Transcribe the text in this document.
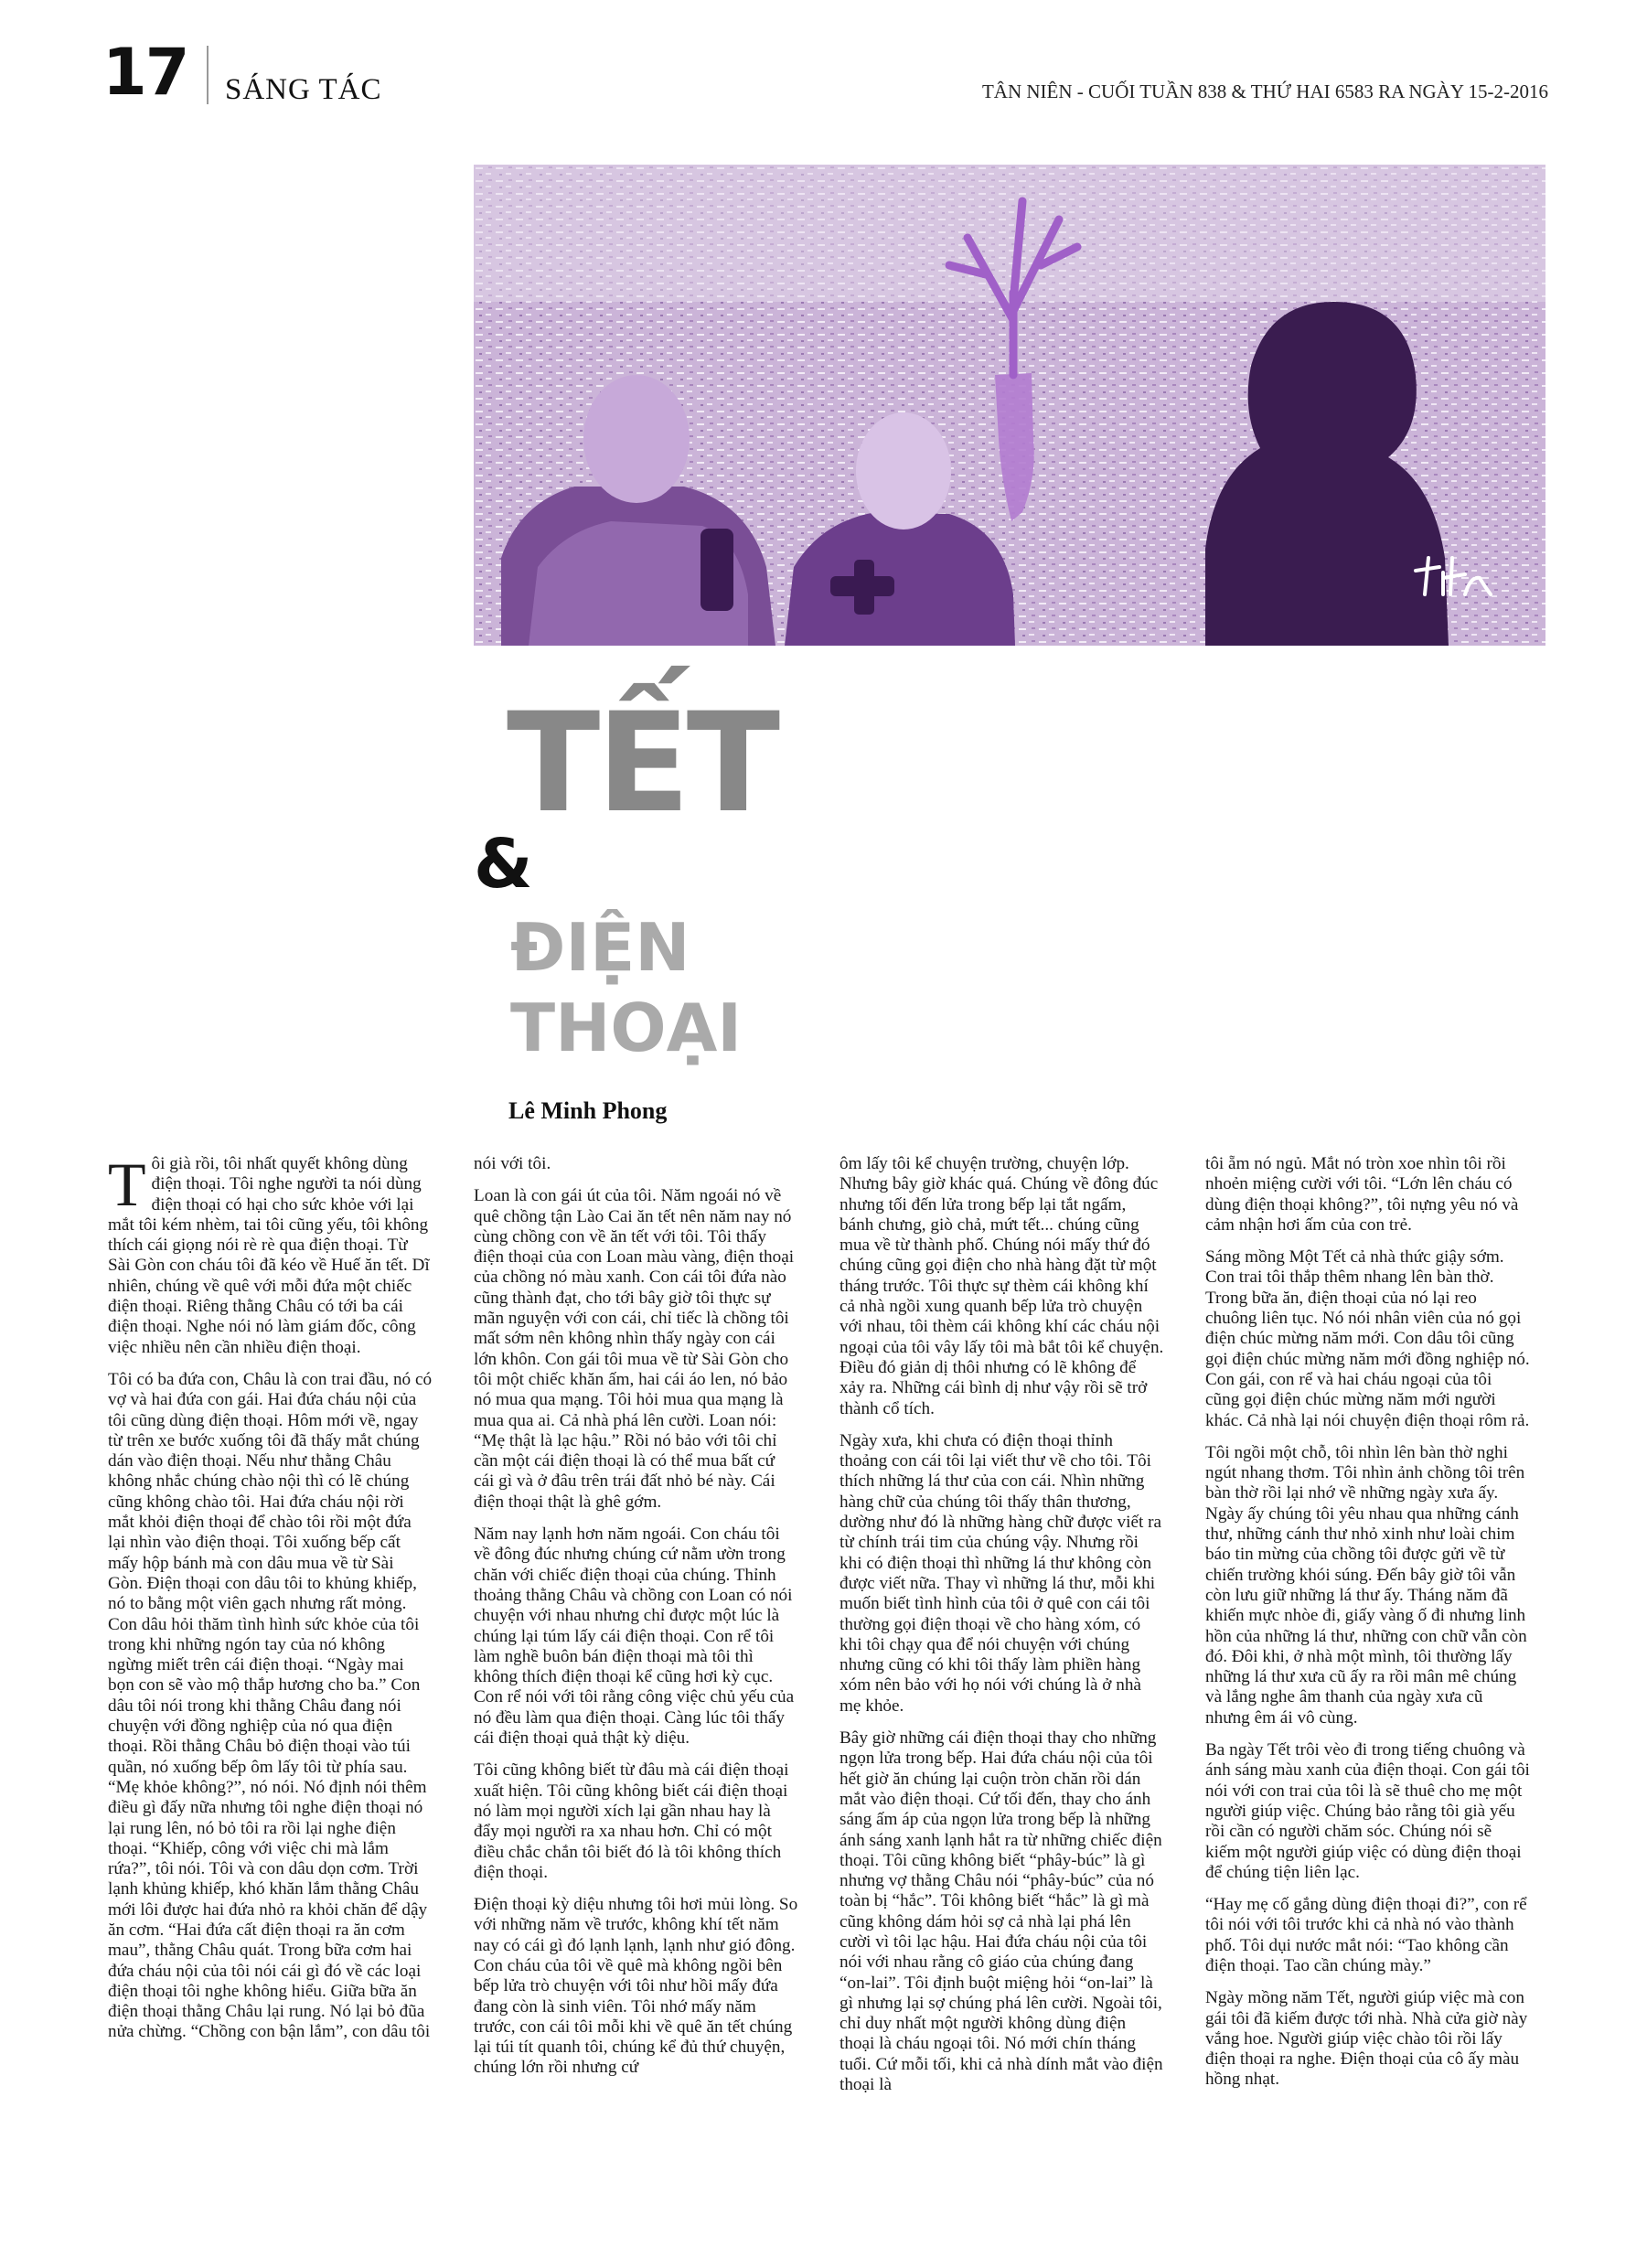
17 SÁNG TÁC	TÂN NIÊN - CUỐI TUẦN 838 & THỨ HAI 6583 RA NGÀY 15-2-2016
TẾT
&
ĐIỆN
THOẠI
Lê Minh Phong

Tôi già rồi, tôi nhất quyết không dùng điện thoại. Tôi nghe người ta nói dùng điện thoại có hại cho sức khỏe với lại mắt tôi kém nhèm, tai tôi cũng yếu, tôi không thích cái giọng nói rè rè qua điện thoại. Từ Sài Gòn con cháu tôi đã kéo về Huế ăn tết. Dĩ nhiên, chúng về quê với mỗi đứa một chiếc điện thoại. Riêng thằng Châu có tới ba cái điện thoại. Nghe nói nó làm giám đốc, công việc nhiều nên cần nhiều điện thoại.

Tôi có ba đứa con, Châu là con trai đầu, nó có vợ và hai đứa con gái. Hai đứa cháu nội của tôi cũng dùng điện thoại. Hôm mới về, ngay từ trên xe bước xuống tôi đã thấy mắt chúng dán vào điện thoại. Nếu như thằng Châu không nhắc chúng chào nội thì có lẽ chúng cũng không chào tôi. Hai đứa cháu nội rời mắt khỏi điện thoại để chào tôi rồi một đứa lại nhìn vào điện thoại. Tôi xuống bếp cất mấy hộp bánh mà con dâu mua về từ Sài Gòn. Điện thoại con dâu tôi to khủng khiếp, nó to bằng một viên gạch nhưng rất mỏng. Con dâu hỏi thăm tình hình sức khỏe của tôi trong khi những ngón tay của nó không ngừng miết trên cái điện thoại. “Ngày mai bọn con sẽ vào mộ thắp hương cho ba.” Con dâu tôi nói trong khi thằng Châu đang nói chuyện với đồng nghiệp của nó qua điện thoại. Rồi thằng Châu bỏ điện thoại vào túi quần, nó xuống bếp ôm lấy tôi từ phía sau. “Mẹ khỏe không?”, nó nói. Nó định nói thêm điều gì đấy nữa nhưng tôi nghe điện thoại nó lại rung lên, nó bỏ tôi ra rồi lại nghe điện thoại. “Khiếp, công với việc chi mà lắm rứa?”, tôi nói. Tôi và con dâu dọn cơm. Trời lạnh khủng khiếp, khó khăn lắm thằng Châu mới lôi được hai đứa nhỏ ra khỏi chăn để dậy ăn cơm. “Hai đứa cất điện thoại ra ăn cơm mau”, thằng Châu quát. Trong bữa cơm hai đứa cháu nội của tôi nói cái gì đó về các loại điện thoại tôi nghe không hiểu. Giữa bữa ăn điện thoại thằng Châu lại rung. Nó lại bỏ đũa nửa chừng. “Chồng con bận lắm”, con dâu tôi

nói với tôi.

Loan là con gái út của tôi. Năm ngoái nó về quê chồng tận Lào Cai ăn tết nên năm nay nó cùng chồng con về ăn tết với tôi. Tôi thấy điện thoại của con Loan màu vàng, điện thoại của chồng nó màu xanh. Con cái tôi đứa nào cũng thành đạt, cho tới bây giờ tôi thực sự mãn nguyện với con cái, chỉ tiếc là chồng tôi mất sớm nên không nhìn thấy ngày con cái lớn khôn. Con gái tôi mua về từ Sài Gòn cho tôi một chiếc khăn ấm, hai cái áo len, nó bảo nó mua qua mạng. Tôi hỏi mua qua mạng là mua qua ai. Cả nhà phá lên cười. Loan nói: “Mẹ thật là lạc hậu.” Rồi nó bảo với tôi chỉ cần một cái điện thoại là có thể mua bất cứ cái gì và ở đâu trên trái đất nhỏ bé này. Cái điện thoại thật là ghê gớm.

Năm nay lạnh hơn năm ngoái. Con cháu tôi về đông đúc nhưng chúng cứ nằm ườn trong chăn với chiếc điện thoại của chúng. Thỉnh thoảng thằng Châu và chồng con Loan có nói chuyện với nhau nhưng chỉ được một lúc là chúng lại túm lấy cái điện thoại. Con rể tôi làm nghề buôn bán điện thoại mà tôi thì không thích điện thoại kể cũng hơi kỳ cục. Con rể nói với tôi rằng công việc chủ yếu của nó đều làm qua điện thoại. Càng lúc tôi thấy cái điện thoại quả thật kỳ diệu.

Tôi cũng không biết từ đâu mà cái điện thoại xuất hiện. Tôi cũng không biết cái điện thoại nó làm mọi người xích lại gần nhau hay là đẩy mọi người ra xa nhau hơn. Chỉ có một điều chắc chắn tôi biết đó là tôi không thích điện thoại.

Điện thoại kỳ diệu nhưng tôi hơi mủi lòng. So với những năm về trước, không khí tết năm nay có cái gì đó lạnh lạnh, lạnh như gió đông. Con cháu của tôi về quê mà không ngồi bên bếp lửa trò chuyện với tôi như hồi mấy đứa đang còn là sinh viên. Tôi nhớ mấy năm trước, con cái tôi mỗi khi về quê ăn tết chúng lại túi tít quanh tôi, chúng kể đủ thứ chuyện, chúng lớn rồi nhưng cứ

ôm lấy tôi kể chuyện trường, chuyện lớp. Nhưng bây giờ khác quá. Chúng về đông đúc nhưng tối đến lửa trong bếp lại tắt ngấm, bánh chưng, giò chả, mứt tết... chúng cũng mua về từ thành phố. Chúng nói mấy thứ đó chúng cũng gọi điện cho nhà hàng đặt từ một tháng trước. Tôi thực sự thèm cái không khí cả nhà ngồi xung quanh bếp lửa trò chuyện với nhau, tôi thèm cái không khí các cháu nội ngoại của tôi vây lấy tôi mà bắt tôi kể chuyện. Điều đó giản dị thôi nhưng có lẽ không để xảy ra. Những cái bình dị như vậy rồi sẽ trở thành cổ tích.

Ngày xưa, khi chưa có điện thoại thỉnh thoảng con cái tôi lại viết thư về cho tôi. Tôi thích những lá thư của con cái. Nhìn những hàng chữ của chúng tôi thấy thân thương, dường như đó là những hàng chữ được viết ra từ chính trái tim của chúng vậy. Nhưng rồi khi có điện thoại thì những lá thư không còn được viết nữa. Thay vì những lá thư, mỗi khi muốn biết tình hình của tôi ở quê con cái tôi thường gọi điện thoại về cho hàng xóm, có khi tôi chạy qua để nói chuyện với chúng nhưng cũng có khi tôi thấy làm phiền hàng xóm nên bảo với họ nói với chúng là ở nhà mẹ khỏe.

Bây giờ những cái điện thoại thay cho những ngọn lửa trong bếp. Hai đứa cháu nội của tôi hết giờ ăn chúng lại cuộn tròn chăn rồi dán mắt vào điện thoại. Cứ tối đến, thay cho ánh sáng ấm áp của ngọn lửa trong bếp là những ánh sáng xanh lạnh hắt ra từ những chiếc điện thoại. Tôi cũng không biết “phây-búc” là gì nhưng vợ thằng Châu nói “phây-búc” của nó toàn bị “hắc”. Tôi không biết “hắc” là gì mà cũng không dám hỏi sợ cả nhà lại phá lên cười vì tôi lạc hậu. Hai đứa cháu nội của tôi nói với nhau rằng cô giáo của chúng đang “on-lai”. Tôi định buột miệng hỏi “on-lai” là gì nhưng lại sợ chúng phá lên cười. Ngoài tôi, chỉ duy nhất một người không dùng điện thoại là cháu ngoại tôi. Nó mới chín tháng tuổi. Cứ mỗi tối, khi cả nhà dính mắt vào điện thoại là

tôi ẵm nó ngủ. Mắt nó tròn xoe nhìn tôi rồi nhoẻn miệng cười với tôi. “Lớn lên cháu có dùng điện thoại không?”, tôi nựng yêu nó và cảm nhận hơi ấm của con trẻ.

Sáng mồng Một Tết cả nhà thức giậy sớm. Con trai tôi thắp thêm nhang lên bàn thờ. Trong bữa ăn, điện thoại của nó lại reo chuông liên tục. Nó nói nhân viên của nó gọi điện chúc mừng năm mới. Con dâu tôi cũng gọi điện chúc mừng năm mới đồng nghiệp nó. Con gái, con rể và hai cháu ngoại của tôi cũng gọi điện chúc mừng năm mới người khác. Cả nhà lại nói chuyện điện thoại rôm rả.

Tôi ngồi một chỗ, tôi nhìn lên bàn thờ nghi ngút nhang thơm. Tôi nhìn ảnh chồng tôi trên bàn thờ rồi lại nhớ về những ngày xưa ấy. Ngày ấy chúng tôi yêu nhau qua những cánh thư, những cánh thư nhỏ xinh như loài chim báo tin mừng của chồng tôi được gửi về từ chiến trường khói súng. Đến bây giờ tôi vẫn còn lưu giữ những lá thư ấy. Tháng năm đã khiến mực nhòe đi, giấy vàng ố đi nhưng linh hồn của những lá thư, những con chữ vẫn còn đó. Đôi khi, ở nhà một mình, tôi thường lấy những lá thư xưa cũ ấy ra rồi mân mê chúng và lắng nghe âm thanh của ngày xưa cũ nhưng êm ái vô cùng.

Ba ngày Tết trôi vèo đi trong tiếng chuông và ánh sáng màu xanh của điện thoại. Con gái tôi nói với con trai của tôi là sẽ thuê cho mẹ một người giúp việc. Chúng bảo rằng tôi già yếu rồi cần có người chăm sóc. Chúng nói sẽ kiếm một người giúp việc có dùng điện thoại để chúng tiện liên lạc.

“Hay mẹ cố gắng dùng điện thoại đi?”, con rể tôi nói với tôi trước khi cả nhà nó vào thành phố. Tôi dụi nước mắt nói: “Tao không cần điện thoại. Tao cần chúng mày.”

Ngày mồng năm Tết, người giúp việc mà con gái tôi đã kiếm được tới nhà. Nhà cửa giờ này vắng hoe. Người giúp việc chào tôi rồi lấy điện thoại ra nghe. Điện thoại của cô ấy màu hồng nhạt.
